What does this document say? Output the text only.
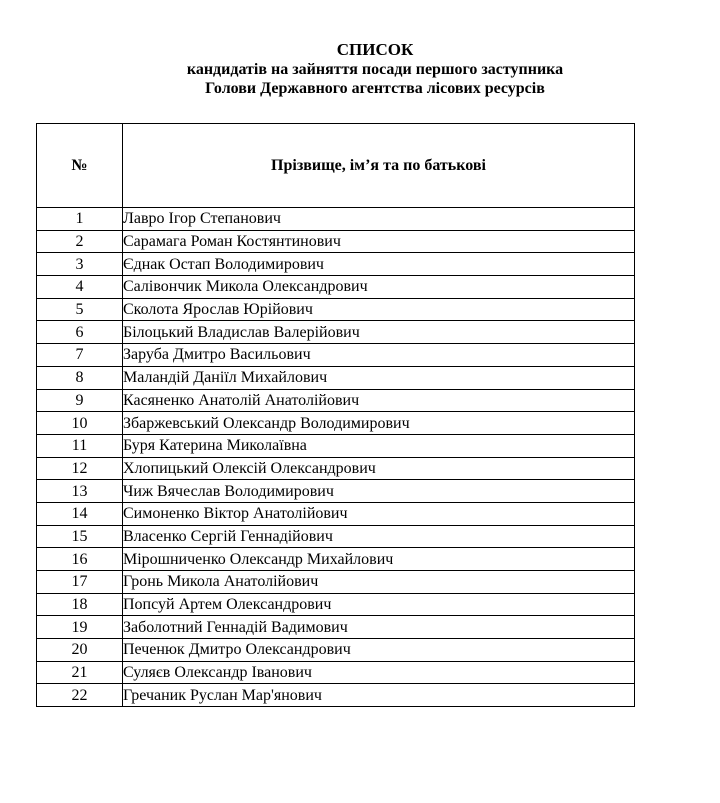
СПИСОК
кандидатів на зайняття посади першого заступника
Голови Державного агентства лісових ресурсів
№	Прізвище, ім’я та по батькові
1	Лавро Ігор Степанович
2	Сарамага Роман Костянтинович
3	Єднак Остап Володимирович
4	Салівончик Микола Олександрович
5	Сколота Ярослав Юрійович
6	Білоцький Владислав Валерійович
7	Заруба Дмитро Васильович
8	Маландій Даніїл Михайлович
9	Касяненко Анатолій Анатолійович
10	Збаржевський Олександр Володимирович
11	Буря Катерина Миколаївна
12	Хлопицький Олексій Олександрович
13	Чиж Вячеслав Володимирович
14	Симоненко Віктор Анатолійович
15	Власенко Сергій Геннадійович
16	Мірошниченко Олександр Михайлович
17	Гронь Микола Анатолійович
18	Попсуй Артем Олександрович
19	Заболотний Геннадій Вадимович
20	Печенюк Дмитро Олександрович
21	Суляєв Олександр Іванович
22	Гречаник Руслан Мар'янович
